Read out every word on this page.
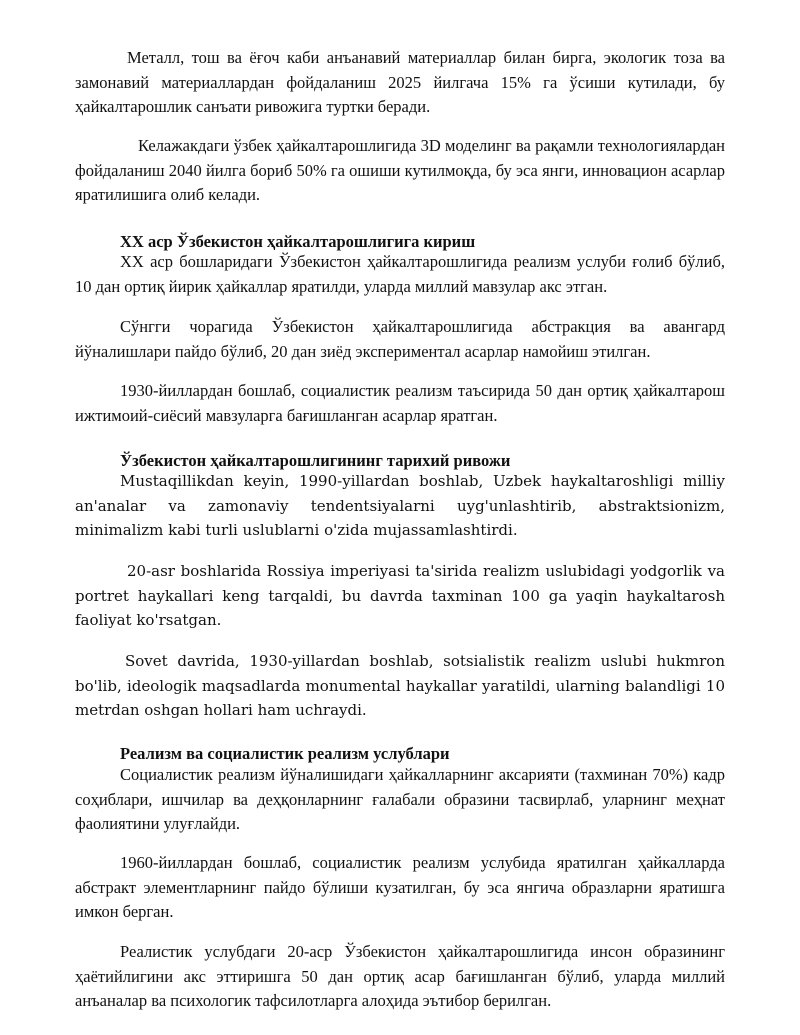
Металл, тош ва ёғоч каби анъанавий материаллар билан бирга, экологик тоза ва замонавий материаллардан фойдаланиш 2025 йилгача 15% га ўсиши кутилади, бу ҳайкалтарошлик санъати ривожига туртки беради.

Келажакдаги ўзбек ҳайкалтарошлигида 3D моделинг ва рақамли технологиялардан фойдаланиш 2040 йилга бориб 50% га ошиши кутилмоқда, бу эса янги, инновацион асарлар яратилишига олиб келади.

XX аср Ўзбекистон ҳайкалтарошлигига кириш

XX аср бошларидаги Ўзбекистон ҳайкалтарошлигида реализм услуби ғолиб бўлиб, 10 дан ортиқ йирик ҳайкаллар яратилди, уларда миллий мавзулар акс этган.

Сўнгги чорагида Ўзбекистон ҳайкалтарошлигида абстракция ва авангард йўналишлари пайдо бўлиб, 20 дан зиёд экспериментал асарлар намойиш этилган.

1930-йиллардан бошлаб, социалистик реализм таъсирида 50 дан ортиқ ҳайкалтарош ижтимоий-сиёсий мавзуларга бағишланган асарлар яратган.

Ўзбекистон ҳайкалтарошлигининг тарихий ривожи

Mustaqillikdan keyin, 1990-yillardan boshlab, Uzbek haykaltaroshligi milliy an'analar va zamonaviy tendentsiyalarni uyg'unlashtirib, abstraktsionizm, minimalizm kabi turli uslublarni o'zida mujassamlashtirdi.

20-asr boshlarida Rossiya imperiyasi ta'sirida realizm uslubidagi yodgorlik va portret haykallari keng tarqaldi, bu davrda taxminan 100 ga yaqin haykaltarosh faoliyat ko'rsatgan.

Sovet davrida, 1930-yillardan boshlab, sotsialistik realizm uslubi hukmron bo'lib, ideologik maqsadlarda monumental haykallar yaratildi, ularning balandligi 10 metrdan oshgan hollari ham uchraydi.

Реализм ва социалистик реализм услублари

Социалистик реализм йўналишидаги ҳайкалларнинг аксарияти (тахминан 70%) кадр соҳиблари, ишчилар ва деҳқонларнинг ғалабали образини тасвирлаб, уларнинг меҳнат фаолиятини улуғлайди.

1960-йиллардан бошлаб, социалистик реализм услубида яратилган ҳайкалларда абстракт элементларнинг пайдо бўлиши кузатилган, бу эса янгича образларни яратишга имкон берган.

Реалистик услубдаги 20-аср Ўзбекистон ҳайкалтарошлигида инсон образининг ҳаётийлигини акс эттиришга 50 дан ортиқ асар бағишланган бўлиб, уларда миллий анъаналар ва психологик тафсилотларга алоҳида эътибор берилган.
